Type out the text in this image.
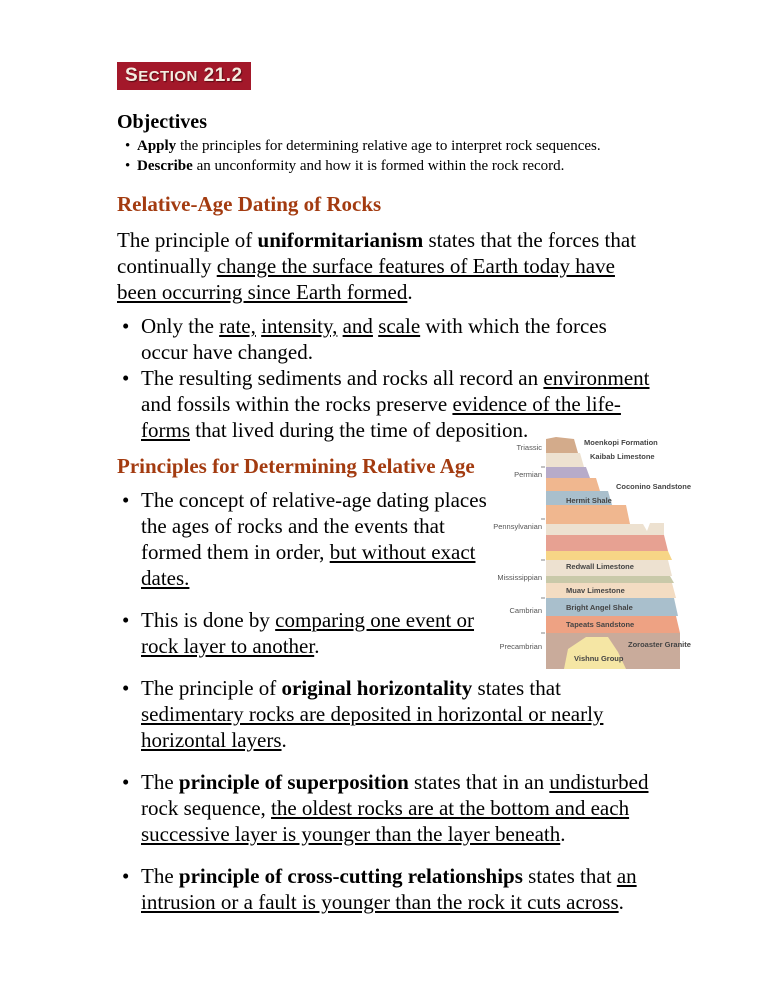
SECTION 21.2
Objectives
• Apply the principles for determining relative age to interpret rock sequences.
• Describe an unconformity and how it is formed within the rock record.
Relative-Age Dating of Rocks

The principle of uniformitarianism states that the forces that continually change the surface features of Earth today have been occurring since Earth formed.

• Only the rate, intensity, and scale with which the forces occur have changed.
• The resulting sediments and rocks all record an environment and fossils within the rocks preserve evidence of the life-forms that lived during the time of deposition.
Triassic
Permian
Pennsylvanian
Mississippian
Cambrian
Precambrian
Moenkopi Formation
Kaibab Limestone
Coconino Sandstone
Hermit Shale
Redwall Limestone
Muav Limestone
Bright Angel Shale
Tapeats Sandstone
Zoroaster Granite
Vishnu Group
Principles for Determining Relative Age
• The concept of relative-age dating places the ages of rocks and the events that formed them in order, but without exact dates.
• This is done by comparing one event or rock layer to another.
• The principle of original horizontality states that sedimentary rocks are deposited in horizontal or nearly horizontal layers.
• The principle of superposition states that in an undisturbed rock sequence, the oldest rocks are at the bottom and each successive layer is younger than the layer beneath.
• The principle of cross-cutting relationships states that an intrusion or a fault is younger than the rock it cuts across.
